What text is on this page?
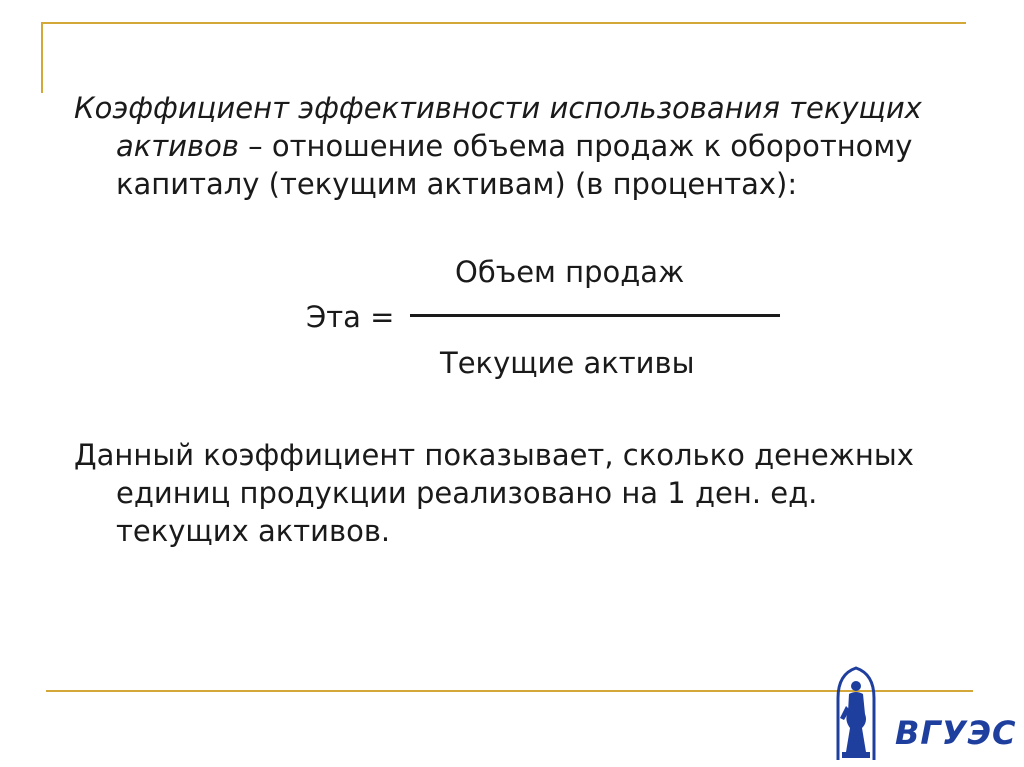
Коэффициент эффективности использования текущих
активов – отношение объема продаж к оборотному
капиталу (текущим активам) (в процентах):

Объем продаж
Эта =
Текущие активы

Данный коэффициент показывает, сколько денежных
единиц продукции реализовано на 1 ден. ед.
текущих активов.

ВГУЭС
